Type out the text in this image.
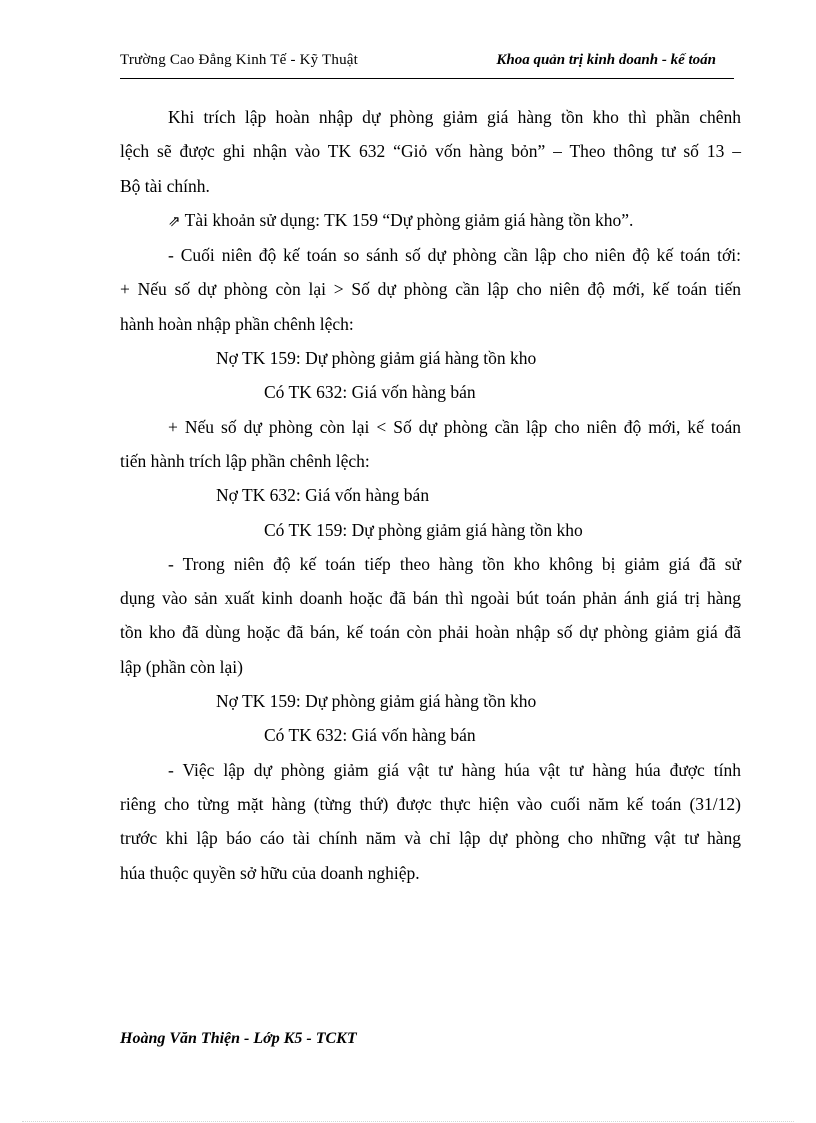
Trường Cao Đẳng Kinh Tế - Kỹ Thuật	Khoa quản trị kinh doanh - kế toán

Khi trích lập hoàn nhập dự phòng giảm giá hàng tồn kho thì phần chênh

lệch sẽ được ghi nhận vào TK 632 “Giỏ vốn hàng bỏn” – Theo thông tư số 13 –

Bộ tài chính.

⇗ Tài khoản sử dụng: TK 159 “Dự phòng giảm giá hàng tồn kho”.

- Cuối niên độ kế toán so sánh số dự phòng cần lập cho niên độ kế toán tới:

+ Nếu số dự phòng còn lại > Số dự phòng cần lập cho niên độ mới, kế toán tiến

hành hoàn nhập phần chênh lệch:

Nợ TK 159: Dự phòng giảm giá hàng tồn kho

Có TK 632: Giá vốn hàng bán

+ Nếu số dự phòng còn lại < Số dự phòng cần lập cho niên độ mới, kế toán

tiến hành trích lập phần chênh lệch:

Nợ TK 632: Giá vốn hàng bán

Có TK 159: Dự phòng giảm giá hàng tồn kho

- Trong niên độ kế toán tiếp theo hàng tồn kho không bị giảm giá đã sử

dụng vào sản xuất kinh doanh hoặc đã bán thì ngoài bút toán phản ánh giá trị hàng

tồn kho đã dùng hoặc đã bán, kế toán còn phải hoàn nhập số dự phòng giảm giá đã

lập (phần còn lại)

Nợ TK 159: Dự phòng giảm giá hàng tồn kho

Có TK 632: Giá vốn hàng bán

- Việc lập dự phòng giảm giá vật tư hàng húa vật tư hàng húa được tính

riêng cho từng mặt hàng (từng thứ) được thực hiện vào cuối năm kế toán (31/12)

trước khi lập báo cáo tài chính năm và chỉ lập dự phòng cho những vật tư hàng

húa thuộc quyền sở hữu của doanh nghiệp.

Hoàng Văn Thiện - Lớp K5 - TCKT
